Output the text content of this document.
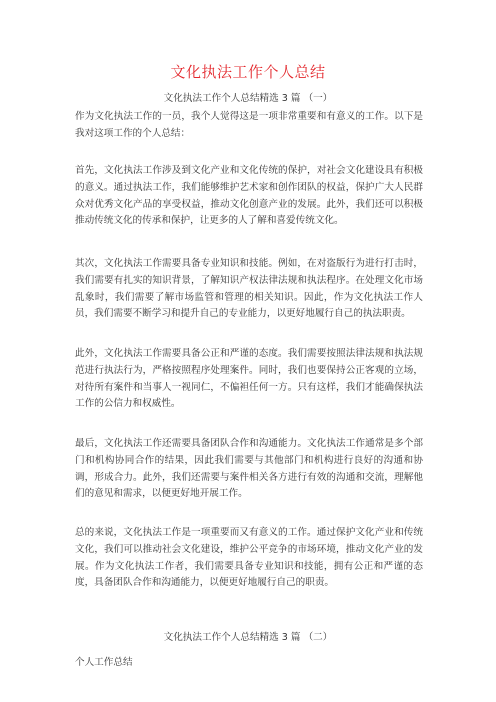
文化执法工作个人总结
文化执法工作个人总结精选 3 篇 （一）

作为文化执法工作的一员，我个人觉得这是一项非常重要和有意义的工作。以下是我对这项工作的个人总结：

首先，文化执法工作涉及到文化产业和文化传统的保护，对社会文化建设具有积极的意义。通过执法工作，我们能够维护艺术家和创作团队的权益，保护广大人民群众对优秀文化产品的享受权益，推动文化创意产业的发展。此外，我们还可以积极推动传统文化的传承和保护，让更多的人了解和喜爱传统文化。

其次，文化执法工作需要具备专业知识和技能。例如，在对盗版行为进行打击时，我们需要有扎实的知识背景，了解知识产权法律法规和执法程序。在处理文化市场乱象时，我们需要了解市场监管和管理的相关知识。因此，作为文化执法工作人员，我们需要不断学习和提升自己的专业能力，以更好地履行自己的执法职责。

此外，文化执法工作需要具备公正和严谨的态度。我们需要按照法律法规和执法规范进行执法行为，严格按照程序处理案件。同时，我们也要保持公正客观的立场，对待所有案件和当事人一视同仁，不偏袒任何一方。只有这样，我们才能确保执法工作的公信力和权威性。

最后，文化执法工作还需要具备团队合作和沟通能力。文化执法工作通常是多个部门和机构协同合作的结果，因此我们需要与其他部门和机构进行良好的沟通和协调，形成合力。此外，我们还需要与案件相关各方进行有效的沟通和交流，理解他们的意见和需求，以便更好地开展工作。

总的来说，文化执法工作是一项重要而又有意义的工作。通过保护文化产业和传统文化，我们可以推动社会文化建设，维护公平竞争的市场环境，推动文化产业的发展。作为文化执法工作者，我们需要具备专业知识和技能，拥有公正和严谨的态度，具备团队合作和沟通能力，以便更好地履行自己的职责。

文化执法工作个人总结精选 3 篇 （二）
个人工作总结
